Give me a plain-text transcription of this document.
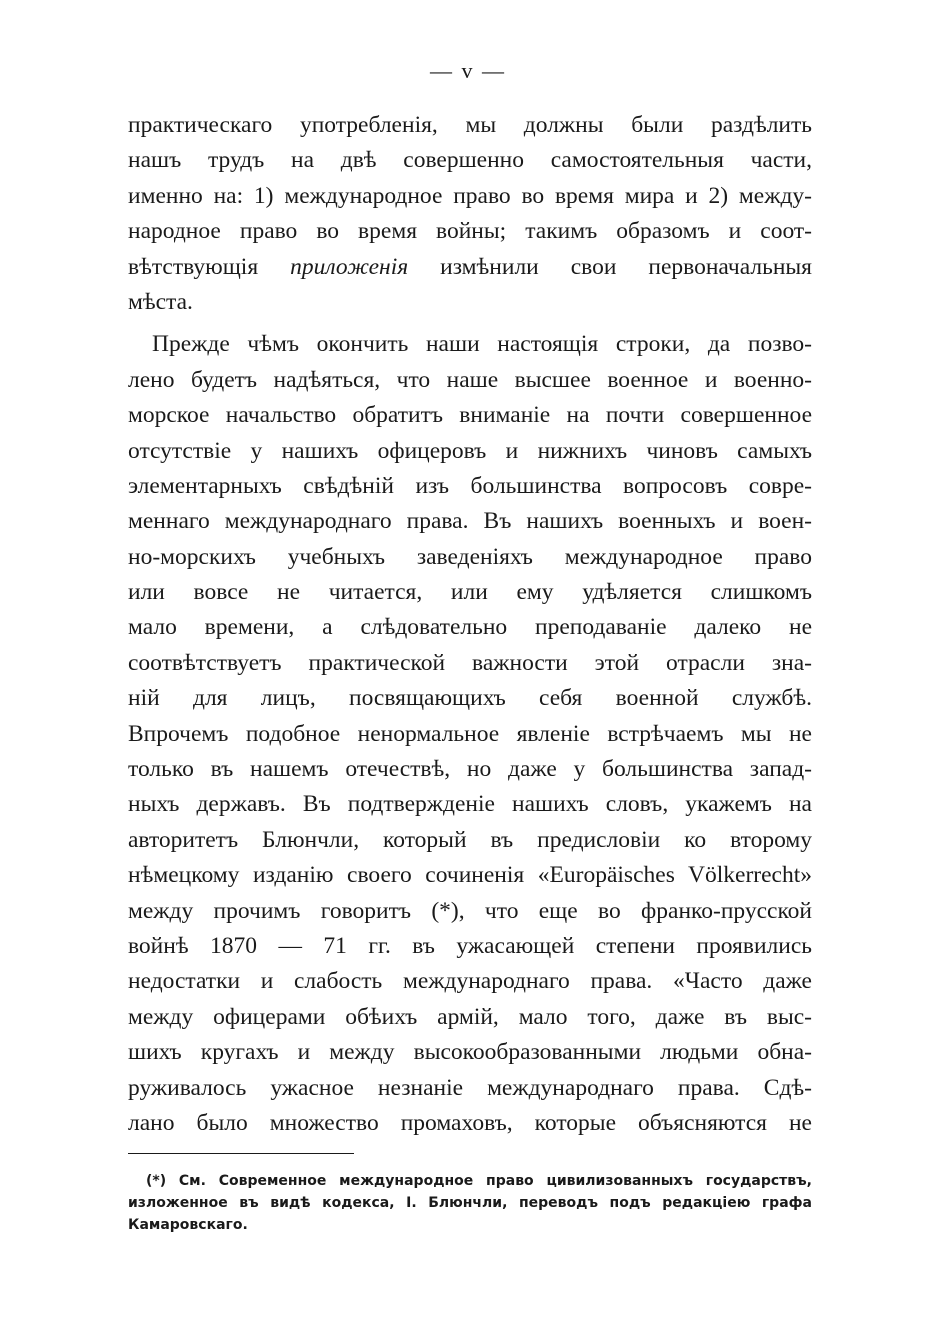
— v —
практическаго употребленія, мы должны были раздѣлить
нашъ трудъ на двѣ совершенно самостоятельныя части,
именно на: 1) международное право во время мира и 2) между-
народное право во время войны; такимъ образомъ и соот-
вѣтствующія приложенія измѣнили свои первоначальныя
мѣста.
Прежде чѣмъ окончить наши настоящія строки, да позво-
лено будетъ надѣяться, что наше высшее военное и военно-
морское начальство обратитъ вниманіе на почти совершенное
отсутствіе у нашихъ офицеровъ и нижнихъ чиновъ самыхъ
элементарныхъ свѣдѣній изъ большинства вопросовъ совре-
меннаго международнаго права. Въ нашихъ военныхъ и воен-
но-морскихъ учебныхъ заведеніяхъ международное право
или вовсе не читается, или ему удѣляется слишкомъ
мало времени, а слѣдовательно преподаваніе далеко не
соотвѣтствуетъ практической важности этой отрасли зна-
ній для лицъ, посвящающихъ себя военной службѣ.
Впрочемъ подобное ненормальное явленіе встрѣчаемъ мы не
только въ нашемъ отечествѣ, но даже у большинства запад-
ныхъ державъ. Въ подтвержденіе нашихъ словъ, укажемъ на
авторитетъ Блюнчли, который въ предисловіи ко второму
нѣмецкому изданію своего сочиненія «Europäisches Völkerrecht»
между прочимъ говоритъ (*), что еще во франко-прусской
войнѣ 1870 — 71 гг. въ ужасающей степени проявились
недостатки и слабость международнаго права. «Часто даже
между офицерами обѣихъ армій, мало того, даже въ выс-
шихъ кругахъ и между высокообразованными людьми обна-
руживалось ужасное незнаніе международнаго права. Сдѣ-
лано было множество промаховъ, которые объясняются не
(*) См. Современное международное право цивилизованныхъ государствъ,
изложенное въ видѣ кодекса, І. Блюнчли, переводъ подъ редакціею графа
Камаровскаго.
